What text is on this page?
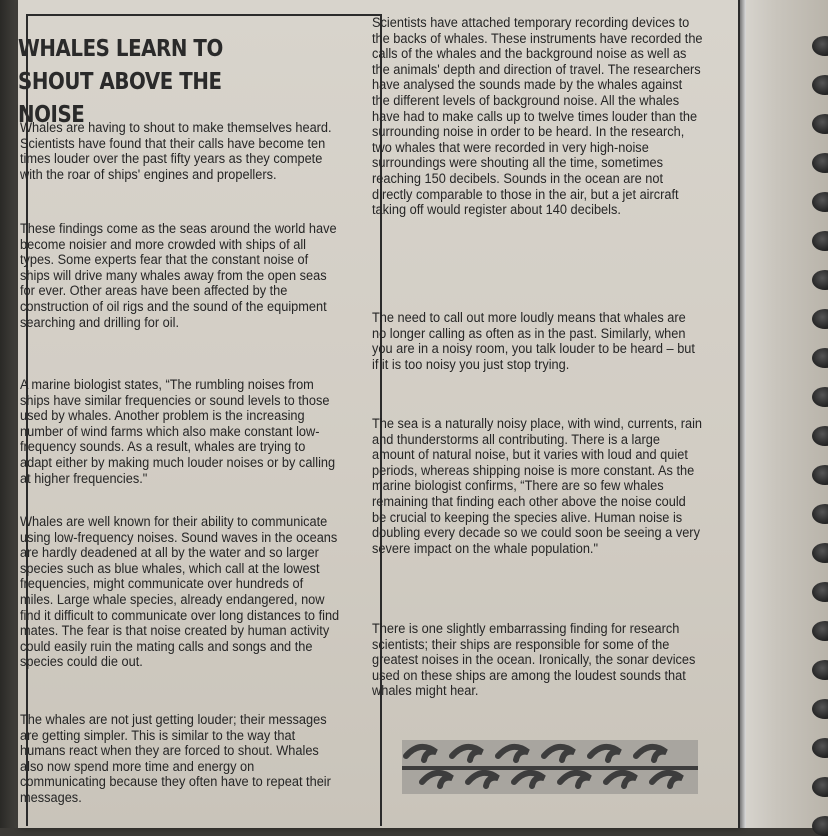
WHALES LEARN TO
SHOUT ABOVE THE NOISE

Whales are having to shout to make themselves heard. Scientists have found that their calls have become ten times louder over the past fifty years as they compete with the roar of ships' engines and propellers.

These findings come as the seas around the world have become noisier and more crowded with ships of all types. Some experts fear that the constant noise of ships will drive many whales away from the open seas for ever. Other areas have been affected by the construction of oil rigs and the sound of the equipment searching and drilling for oil.

A marine biologist states, “The rumbling noises from ships have similar frequencies or sound levels to those used by whales. Another problem is the increasing number of wind farms which also make constant low-frequency sounds. As a result, whales are trying to adapt either by making much louder noises or by calling at higher frequencies."

Whales are well known for their ability to communicate using low-frequency noises. Sound waves in the oceans are hardly deadened at all by the water and so larger species such as blue whales, which call at the lowest frequencies, might communicate over hundreds of miles. Large whale species, already endangered, now find it difficult to communicate over long distances to find mates. The fear is that noise created by human activity could easily ruin the mating calls and songs and the species could die out.

The whales are not just getting louder; their messages are getting simpler. This is similar to the way that humans react when they are forced to shout. Whales also now spend more time and energy on communicating because they often have to repeat their messages.

Scientists have attached temporary recording devices to the backs of whales. These instruments have recorded the calls of the whales and the background noise as well as the animals' depth and direction of travel. The researchers have analysed the sounds made by the whales against the different levels of background noise. All the whales have had to make calls up to twelve times louder than the surrounding noise in order to be heard. In the research, two whales that were recorded in very high-noise surroundings were shouting all the time, sometimes reaching 150 decibels. Sounds in the ocean are not directly comparable to those in the air, but a jet aircraft taking off would register about 140 decibels.

The need to call out more loudly means that whales are no longer calling as often as in the past. Similarly, when you are in a noisy room, you talk louder to be heard – but if it is too noisy you just stop trying.

The sea is a naturally noisy place, with wind, currents, rain and thunderstorms all contributing. There is a large amount of natural noise, but it varies with loud and quiet periods, whereas shipping noise is more constant. As the marine biologist confirms, “There are so few whales remaining that finding each other above the noise could be crucial to keeping the species alive. Human noise is doubling every decade so we could soon be seeing a very severe impact on the whale population."

There is one slightly embarrassing finding for research scientists; their ships are responsible for some of the greatest noises in the ocean. Ironically, the sonar devices used on these ships are among the loudest sounds that whales might hear.
